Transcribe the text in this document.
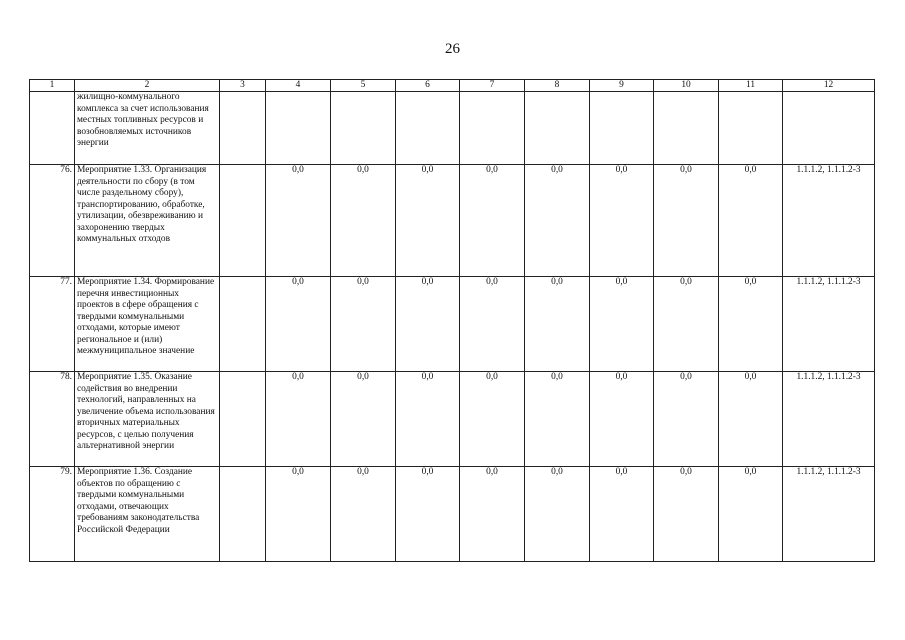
26
1	2	3	4	5	6	7	8	9	10	11	12
	жилищно-коммунального комплекса за счет использования местных топливных ресурсов и возобновляемых источников энергии										
76.	Мероприятие 1.33. Организация деятельности по сбору (в том числе раздельному сбору), транспортированию, обработке, утилизации, обезвреживанию и захоронению твердых коммунальных отходов		0,0	0,0	0,0	0,0	0,0	0,0	0,0	0,0	1.1.1.2, 1.1.1.2-3
77.	Мероприятие 1.34. Формирование перечня инвестиционных проектов в сфере обращения с твердыми коммунальными отходами, которые имеют региональное и (или) межмуниципальное значение		0,0	0,0	0,0	0,0	0,0	0,0	0,0	0,0	1.1.1.2, 1.1.1.2-3
78.	Мероприятие 1.35. Оказание содействия во внедрении технологий, направленных на увеличение объема использования вторичных материальных ресурсов, с целью получения альтернативной энергии		0,0	0,0	0,0	0,0	0,0	0,0	0,0	0,0	1.1.1.2, 1.1.1.2-3
79.	Мероприятие 1.36. Создание объектов по обращению с твердыми коммунальными отходами, отвечающих требованиям законодательства Российской Федерации		0,0	0,0	0,0	0,0	0,0	0,0	0,0	0,0	1.1.1.2, 1.1.1.2-3
